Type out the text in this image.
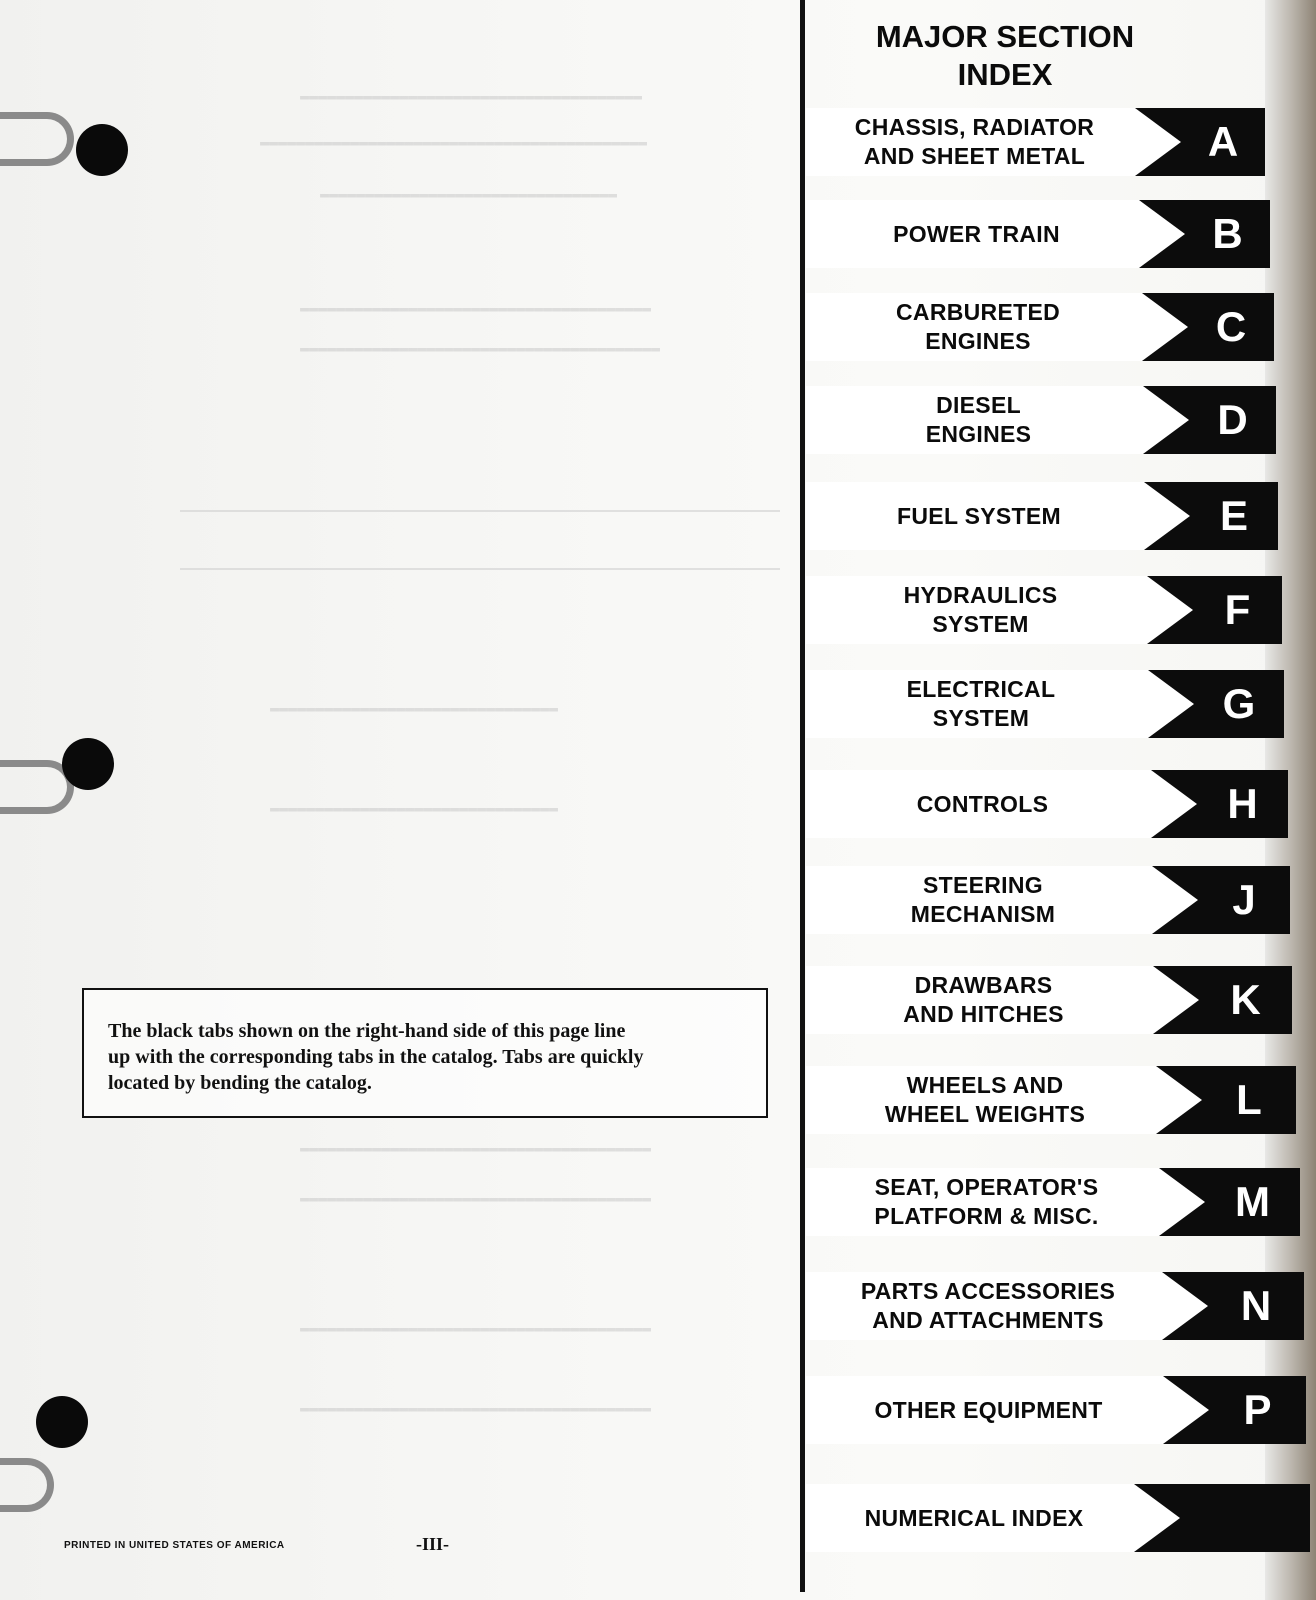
▬▬▬▬▬▬▬▬▬▬▬▬▬▬▬▬▬▬▬▬▬▬▬▬▬▬▬▬▬▬▬▬▬▬▬▬▬▬
▬▬▬▬▬▬▬▬▬▬▬▬▬▬▬▬▬▬▬▬▬▬▬▬▬▬▬▬▬▬▬▬▬▬▬▬▬▬▬▬▬▬▬
▬▬▬▬▬▬▬▬▬▬▬▬▬▬▬▬▬▬▬▬▬▬▬▬▬▬▬▬▬▬▬▬▬
▬▬▬▬▬▬▬▬▬▬▬▬▬▬▬▬▬▬▬▬▬▬▬▬▬▬▬▬▬▬▬▬▬▬▬▬▬▬▬
▬▬▬▬▬▬▬▬▬▬▬▬▬▬▬▬▬▬▬▬▬▬▬▬▬▬▬▬▬▬▬▬▬▬▬▬▬▬▬▬
▬▬▬▬▬▬▬▬▬▬▬▬▬▬▬▬▬▬▬▬▬▬▬▬▬▬▬▬▬▬▬▬
▬▬▬▬▬▬▬▬▬▬▬▬▬▬▬▬▬▬▬▬▬▬▬▬▬▬▬▬▬▬▬▬
▬▬▬▬▬▬▬▬▬▬▬▬▬▬▬▬▬▬▬▬▬▬▬▬▬▬▬▬▬▬▬▬▬▬▬▬▬▬▬
▬▬▬▬▬▬▬▬▬▬▬▬▬▬▬▬▬▬▬▬▬▬▬▬▬▬▬▬▬▬▬▬▬▬▬▬▬▬▬
▬▬▬▬▬▬▬▬▬▬▬▬▬▬▬▬▬▬▬▬▬▬▬▬▬▬▬▬▬▬▬▬▬▬▬▬▬▬▬
▬▬▬▬▬▬▬▬▬▬▬▬▬▬▬▬▬▬▬▬▬▬▬▬▬▬▬▬▬▬▬▬▬▬▬▬▬▬▬
The black tabs shown on the right-hand side of this page line
up with the corresponding tabs in the catalog. Tabs are quickly
located by bending the catalog.
PRINTED IN UNITED STATES OF AMERICA	-III-
MAJOR SECTION
INDEX
CHASSIS, RADIATOR
AND SHEET METAL	A
POWER TRAIN	B
CARBURETED
ENGINES	C
DIESEL
ENGINES	D
FUEL SYSTEM	E
HYDRAULICS
SYSTEM	F
ELECTRICAL
SYSTEM	G
CONTROLS	H
STEERING
MECHANISM	J
DRAWBARS
AND HITCHES	K
WHEELS AND
WHEEL WEIGHTS	L
SEAT, OPERATOR'S
PLATFORM & MISC.	M
PARTS ACCESSORIES
AND ATTACHMENTS	N
OTHER EQUIPMENT	P
NUMERICAL INDEX
